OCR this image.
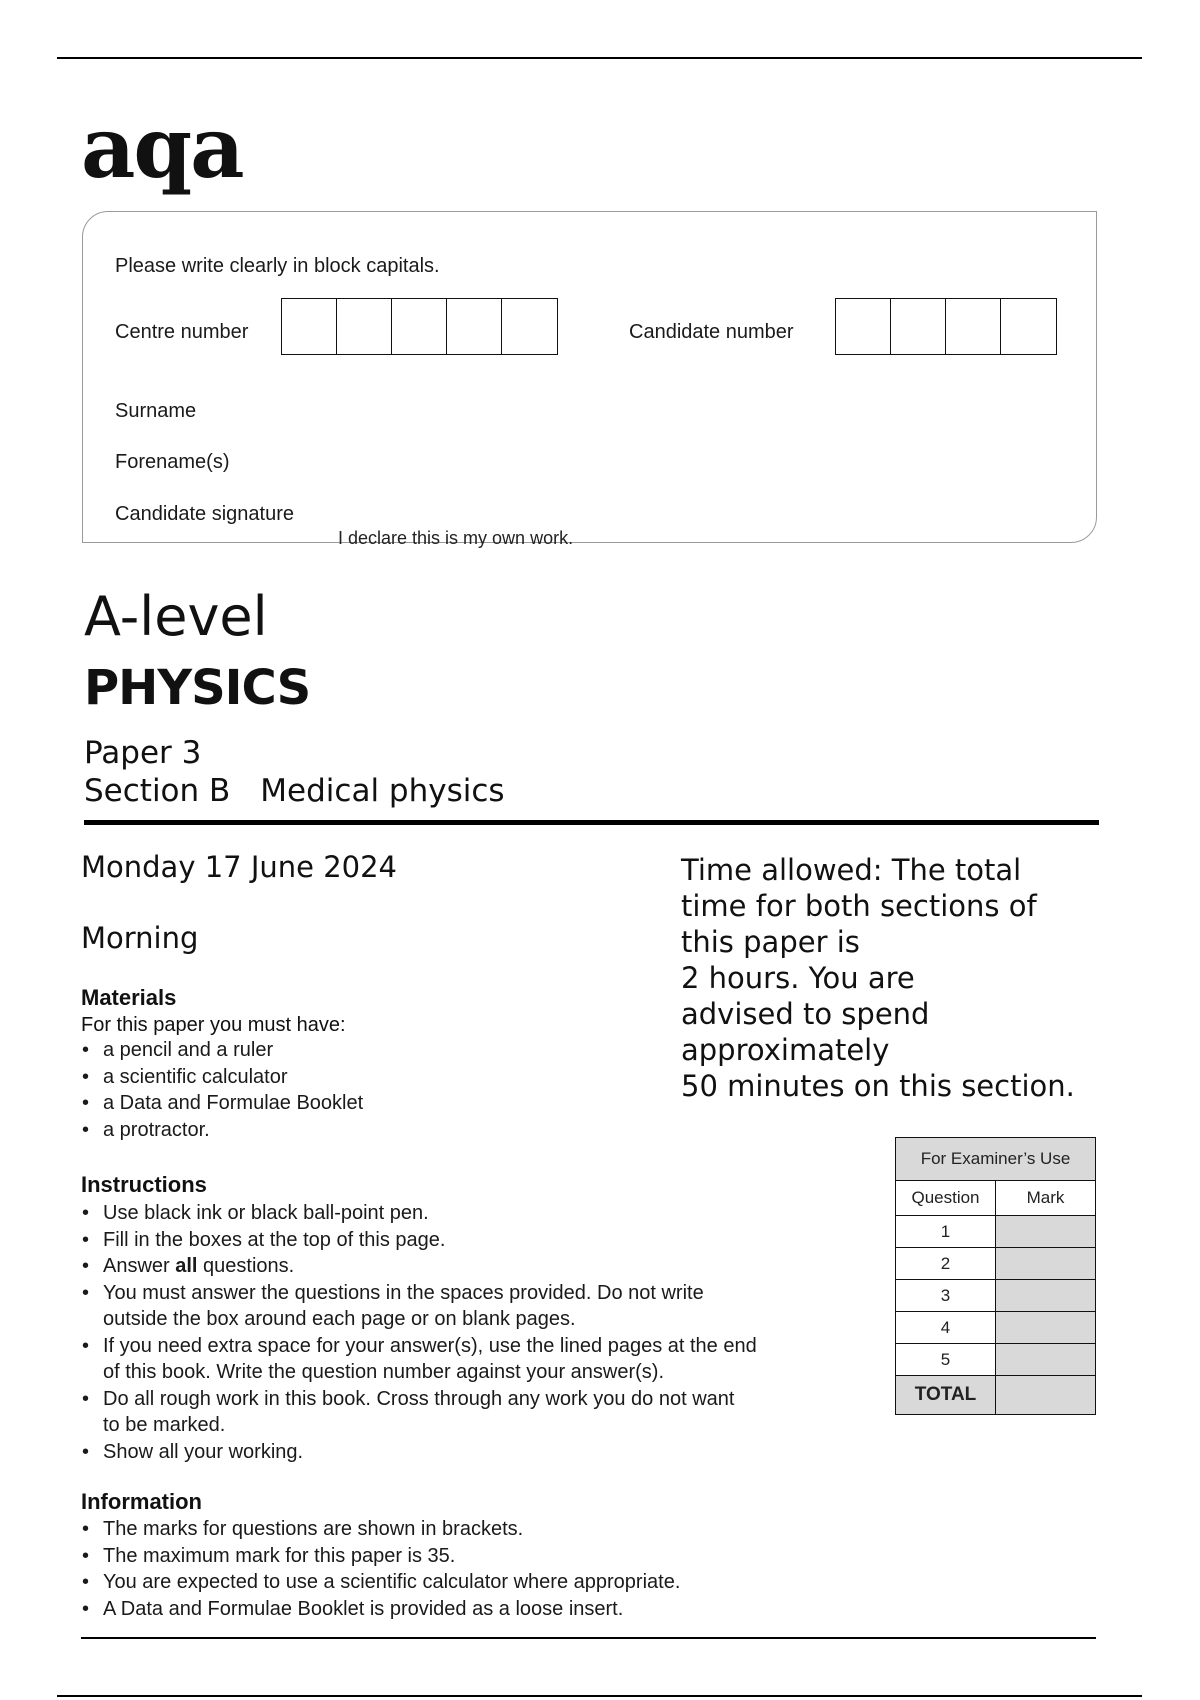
aqa
Please write clearly in block capitals.
Centre number	Candidate number
Surname
Forename(s)
Candidate signature
I declare this is my own work.
A-level
PHYSICS
Paper 3
Section B Medical physics
Monday 17 June 2024
Morning
Time allowed: The total
time for both sections of
this paper is
2 hours. You are
advised to spend
approximately
50 minutes on this section.
Materials
For this paper you must have:
• a pencil and a ruler
• a scientific calculator
• a Data and Formulae Booklet
• a protractor.
Instructions
• Use black ink or black ball-point pen.
• Fill in the boxes at the top of this page.
• Answer all questions.
• You must answer the questions in the spaces provided. Do not write
outside the box around each page or on blank pages.
• If you need extra space for your answer(s), use the lined pages at the end
of this book. Write the question number against your answer(s).
• Do all rough work in this book. Cross through any work you do not want
to be marked.
• Show all your working.
Information
• The marks for questions are shown in brackets.
• The maximum mark for this paper is 35.
• You are expected to use a scientific calculator where appropriate.
• A Data and Formulae Booklet is provided as a loose insert.
For Examiner’s Use	
Question	Mark
1	
2	
3	
4	
5	
TOTAL	
